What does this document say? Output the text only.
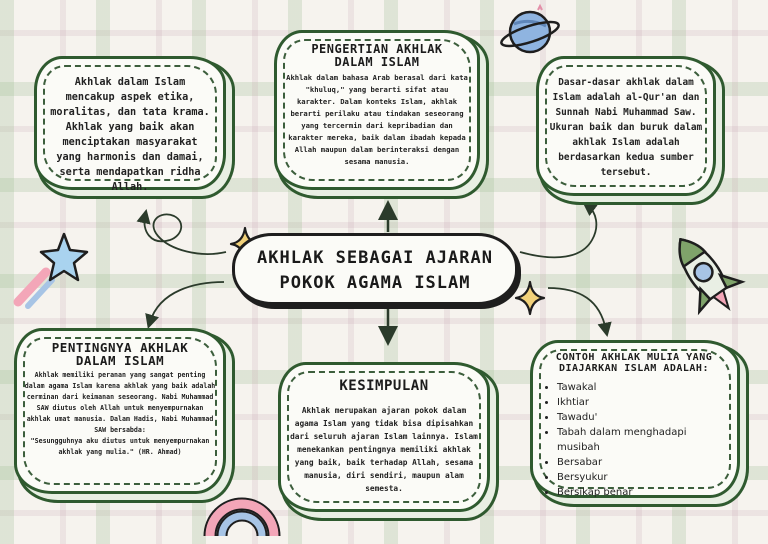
Akhlak dalam Islam mencakup aspek etika, moralitas, dan tata krama. Akhlak yang baik akan menciptakan masyarakat yang harmonis dan damai, serta mendapatkan ridha Allah.
PENGERTIAN AKHLAK
DALAM ISLAM
Akhlak dalam bahasa Arab berasal dari kata "khuluq," yang berarti sifat atau karakter. Dalam konteks Islam, akhlak berarti perilaku atau tindakan seseorang yang tercermin dari kepribadian dan karakter mereka, baik dalam ibadah kepada Allah maupun dalam berinteraksi dengan sesama manusia.
Dasar-dasar akhlak dalam Islam adalah al-Qur'an dan Sunnah Nabi Muhammad Saw. Ukuran baik dan buruk dalam akhlak Islam adalah berdasarkan kedua sumber tersebut.
PENTINGNYA AKHLAK
DALAM ISLAM
Akhlak memiliki peranan yang sangat penting dalam agama Islam karena akhlak yang baik adalah cerminan dari keimanan seseorang. Nabi Muhammad SAW diutus oleh Allah untuk menyempurnakan akhlak umat manusia. Dalam Hadis, Nabi Muhammad SAW bersabda:
"Sesungguhnya aku diutus untuk menyempurnakan akhlak yang mulia." (HR. Ahmad)
KESIMPULAN
Akhlak merupakan ajaran pokok dalam agama Islam yang tidak bisa dipisahkan dari seluruh ajaran Islam lainnya. Islam menekankan pentingnya memiliki akhlak yang baik, baik terhadap Allah, sesama manusia, diri sendiri, maupun alam semesta.
CONTOH AKHLAK MULIA YANG
DIAJARKAN ISLAM ADALAH:
• Tawakal
• Ikhtiar
• Tawadu'
• Tabah dalam menghadapi musibah
• Bersabar
• Bersyukur
• Bersikap benar
AKHLAK SEBAGAI AJARAN
POKOK AGAMA ISLAM
